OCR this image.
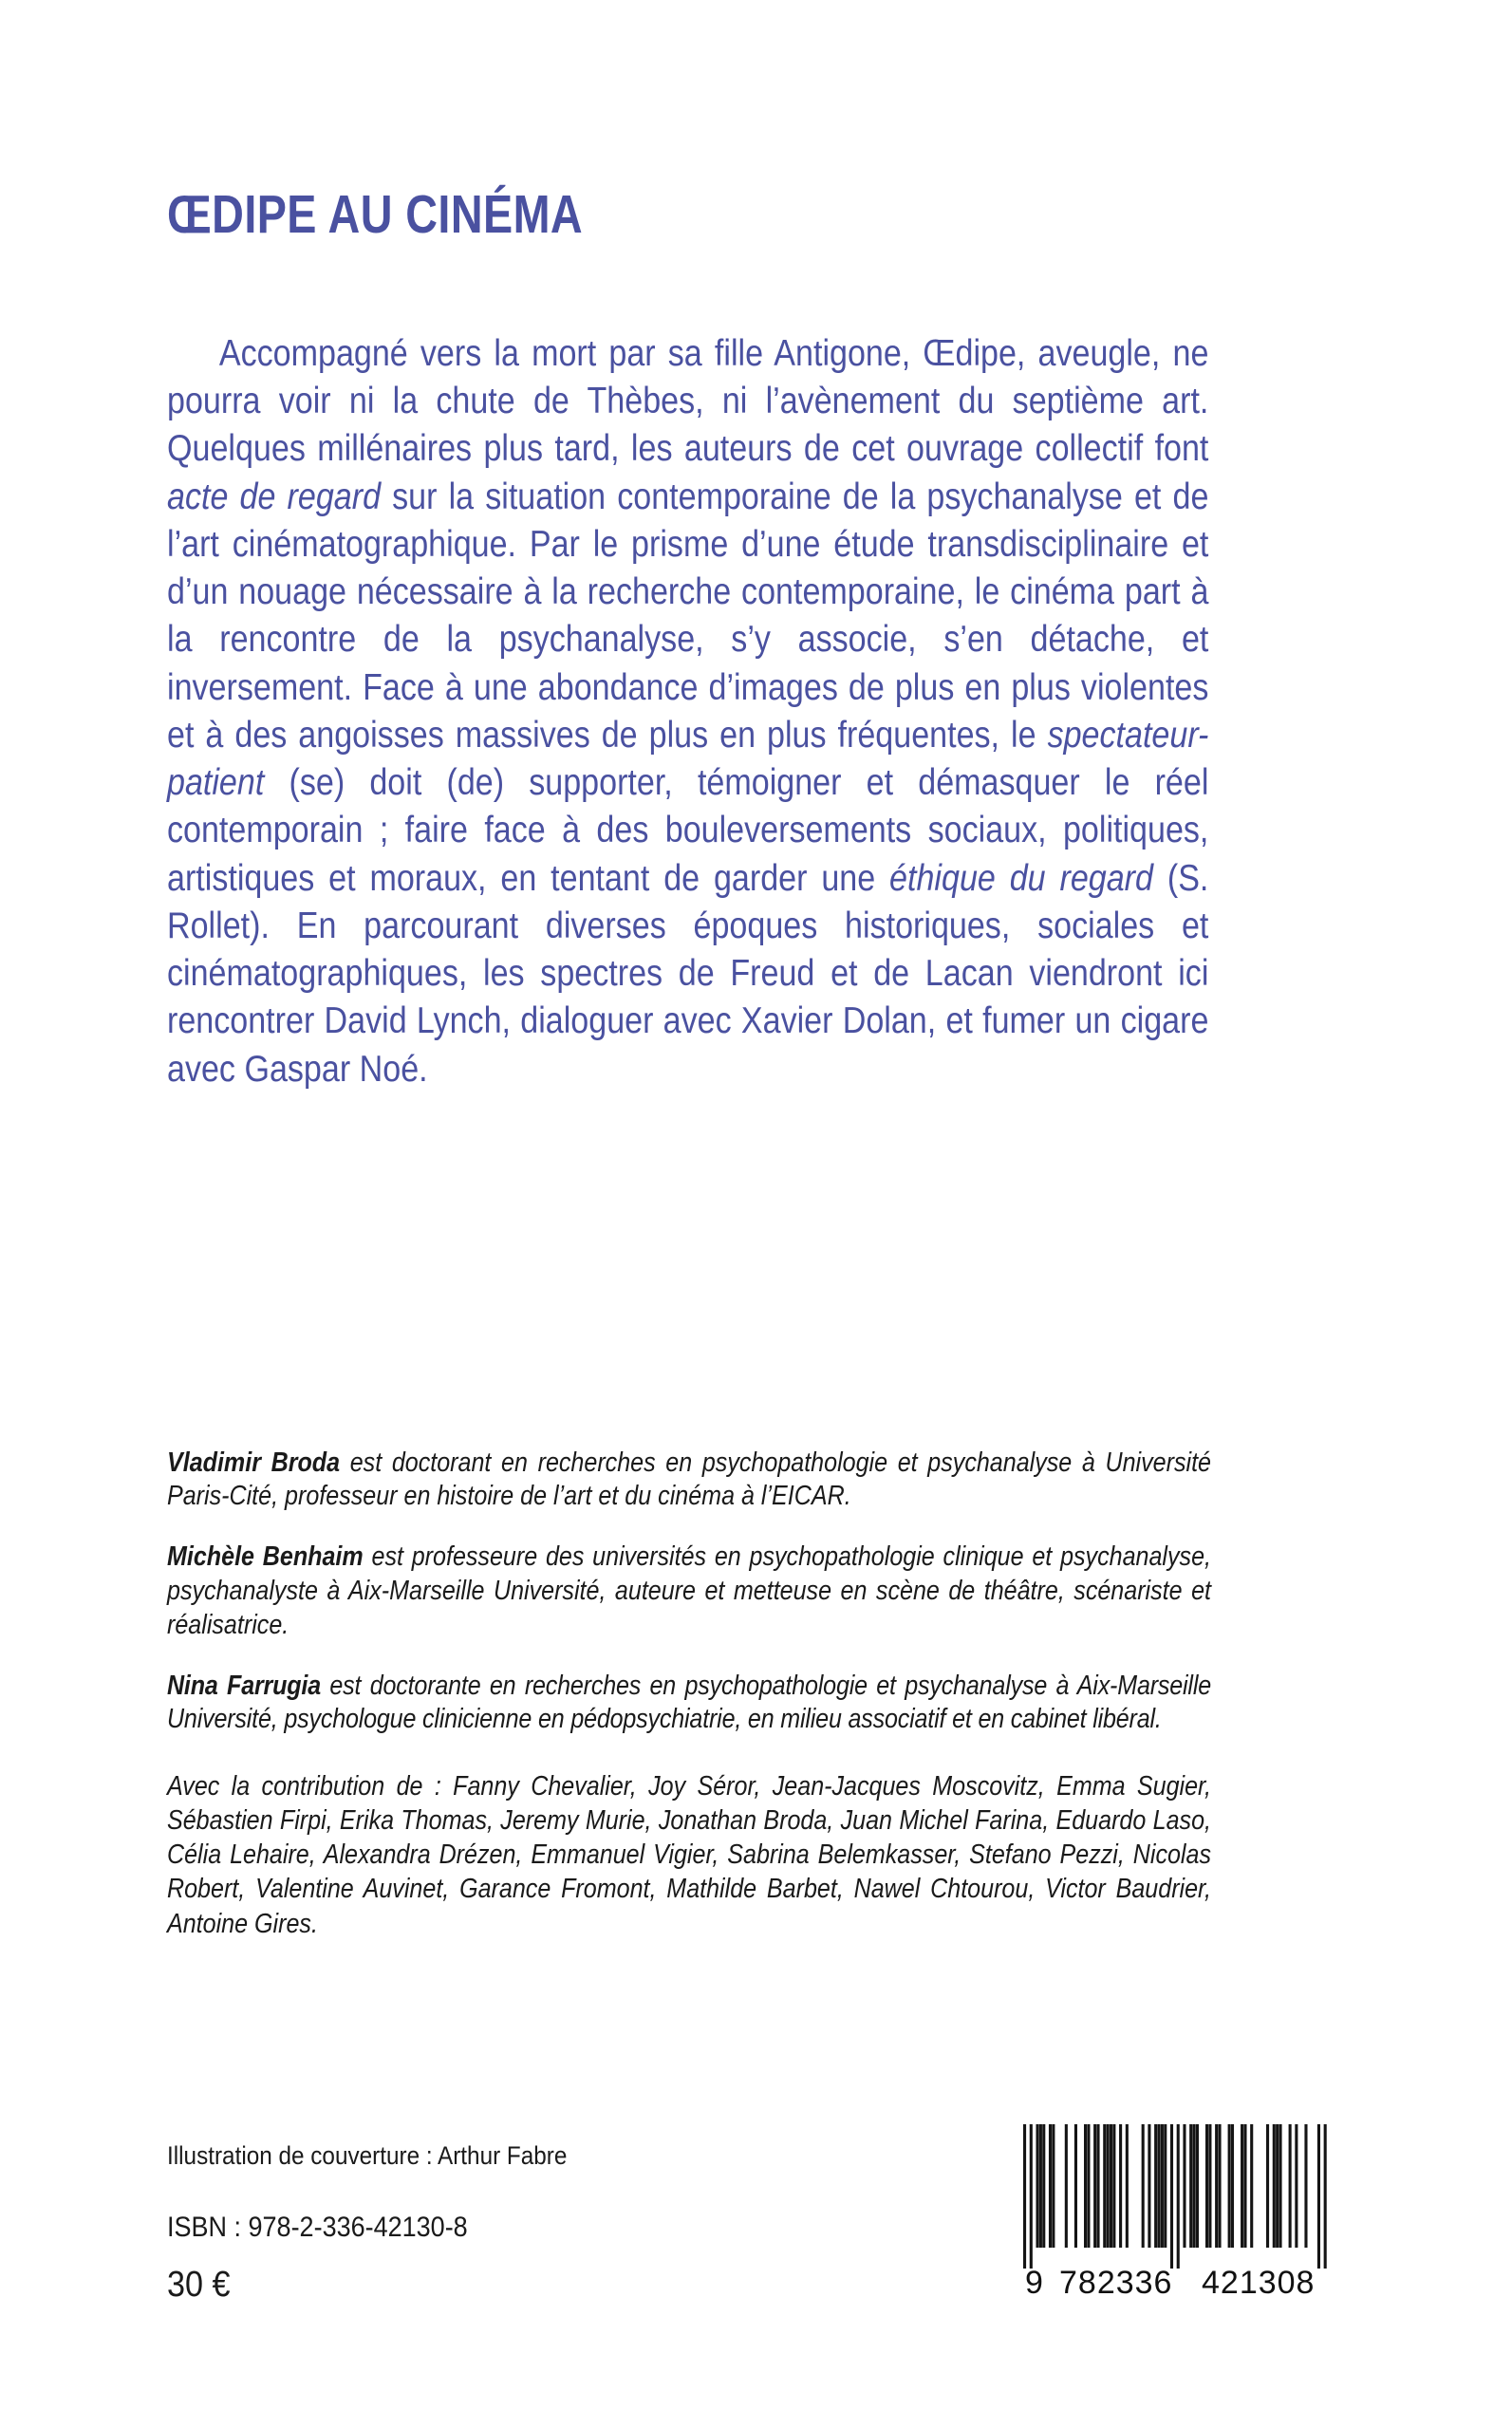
ŒDIPE AU CINÉMA
Accompagné vers la mort par sa fille Antigone, Œdipe, aveugle, ne pourra voir ni la chute de Thèbes, ni l’avènement du septième art. Quelques millénaires plus tard, les auteurs de cet ouvrage collectif font acte de regard sur la situation contemporaine de la psychanalyse et de l’art cinématographique. Par le prisme d’une étude transdisciplinaire et d’un nouage nécessaire à la recherche contemporaine, le cinéma part à la rencontre de la psychanalyse, s’y associe, s’en détache, et inversement. Face à une abondance d’images de plus en plus violentes et à des angoisses massives de plus en plus fréquentes, le spectateur-patient (se) doit (de) supporter, témoigner et démasquer le réel contemporain ; faire face à des bouleversements sociaux, politiques, artistiques et moraux, en tentant de garder une éthique du regard (S. Rollet). En parcourant diverses époques historiques, sociales et cinématographiques, les spectres de Freud et de Lacan viendront ici rencontrer David Lynch, dialoguer avec Xavier Dolan, et fumer un cigare avec Gaspar Noé.

Vladimir Broda est doctorant en recherches en psychopathologie et psychanalyse à Université Paris-Cité, professeur en histoire de l’art et du cinéma à l’EICAR.

Michèle Benhaim est professeure des universités en psychopathologie clinique et psychanalyse, psychanalyste à Aix-Marseille Université, auteure et metteuse en scène de théâtre, scénariste et réalisatrice.

Nina Farrugia est doctorante en recherches en psychopathologie et psychanalyse à Aix-Marseille Université, psychologue clinicienne en pédopsychiatrie, en milieu associatif et en cabinet libéral.

Avec la contribution de : Fanny Chevalier, Joy Séror, Jean-Jacques Moscovitz, Emma Sugier, Sébastien Firpi, Erika Thomas, Jeremy Murie, Jonathan Broda, Juan Michel Farina, Eduardo Laso, Célia Lehaire, Alexandra Drézen, Emmanuel Vigier, Sabrina Belemkasser, Stefano Pezzi, Nicolas Robert, Valentine Auvinet, Garance Fromont, Mathilde Barbet, Nawel Chtourou, Victor Baudrier, Antoine Gires.

Illustration de couverture : Arthur Fabre
ISBN : 978-2-336-42130-8
30 €	9 782336 421308
